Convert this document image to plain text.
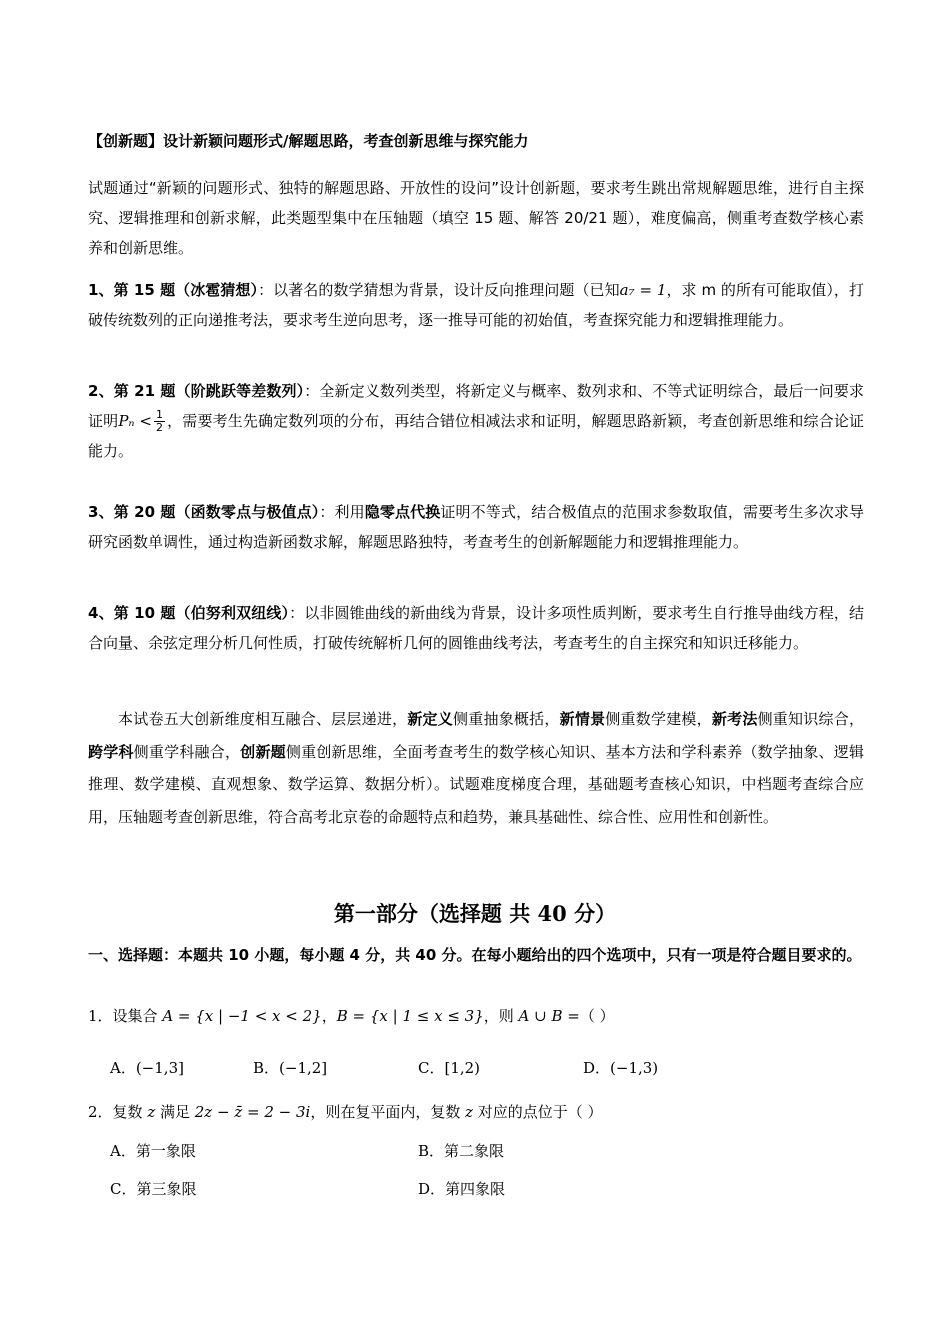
【创新题】设计新颖问题形式/解题思路，考查创新思维与探究能力

试题通过“新颖的问题形式、独特的解题思路、开放性的设问”设计创新题，要求考生跳出常规解题思维，进行自主探究、逻辑推理和创新求解，此类题型集中在压轴题（填空 15 题、解答 20/21 题），难度偏高，侧重考查数学核心素养和创新思维。

1、第 15 题（冰雹猜想）：以著名的数学猜想为背景，设计反向推理问题（已知a₇ = 1，求 m 的所有可能取值），打破传统数列的正向递推考法，要求考生逆向思考，逐一推导可能的初始值，考查探究能力和逻辑推理能力。

2、第 21 题（阶跳跃等差数列）：全新定义数列类型，将新定义与概率、数列求和、不等式证明综合，最后一问要求证明$P_n < \frac{1}{2}$ ，需要考生先确定数列项的分布，再结合错位相减法求和证明，解题思路新颖，考查创新思维和综合论证能力。

3、第 20 题（函数零点与极值点）：利用隐零点代换证明不等式，结合极值点的范围求参数取值，需要考生多次求导研究函数单调性，通过构造新函数求解，解题思路独特，考查考生的创新解题能力和逻辑推理能力。

4、第 10 题（伯努利双纽线）：以非圆锥曲线的新曲线为背景，设计多项性质判断，要求考生自行推导曲线方程，结合向量、余弦定理分析几何性质，打破传统解析几何的圆锥曲线考法，考查考生的自主探究和知识迁移能力。

本试卷五大创新维度相互融合、层层递进，新定义侧重抽象概括，新情景侧重数学建模，新考法侧重知识综合，跨学科侧重学科融合，创新题侧重创新思维，全面考查考生的数学核心知识、基本方法和学科素养（数学抽象、逻辑推理、数学建模、直观想象、数学运算、数据分析）。试题难度梯度合理，基础题考查核心知识，中档题考查综合应用，压轴题考查创新思维，符合高考北京卷的命题特点和趋势，兼具基础性、综合性、应用性和创新性。

第一部分（选择题 共 40 分）

一、选择题：本题共 10 小题，每小题 4 分，共 40 分。在每小题给出的四个选项中，只有一项是符合题目要求的。

1．设集合 A = {x | −1 < x < 2}，B = {x | 1 ≤ x ≤ 3}，则 A ∪ B =（ ）

A．(−1,3]	B．(−1,2]	C．[1,2)	D．(−1,3)

2．复数 z 满足 2z − z̄ = 2 − 3i，则在复平面内，复数 z 对应的点位于（ ）

A．第一象限	B．第二象限
C．第三象限	D．第四象限
